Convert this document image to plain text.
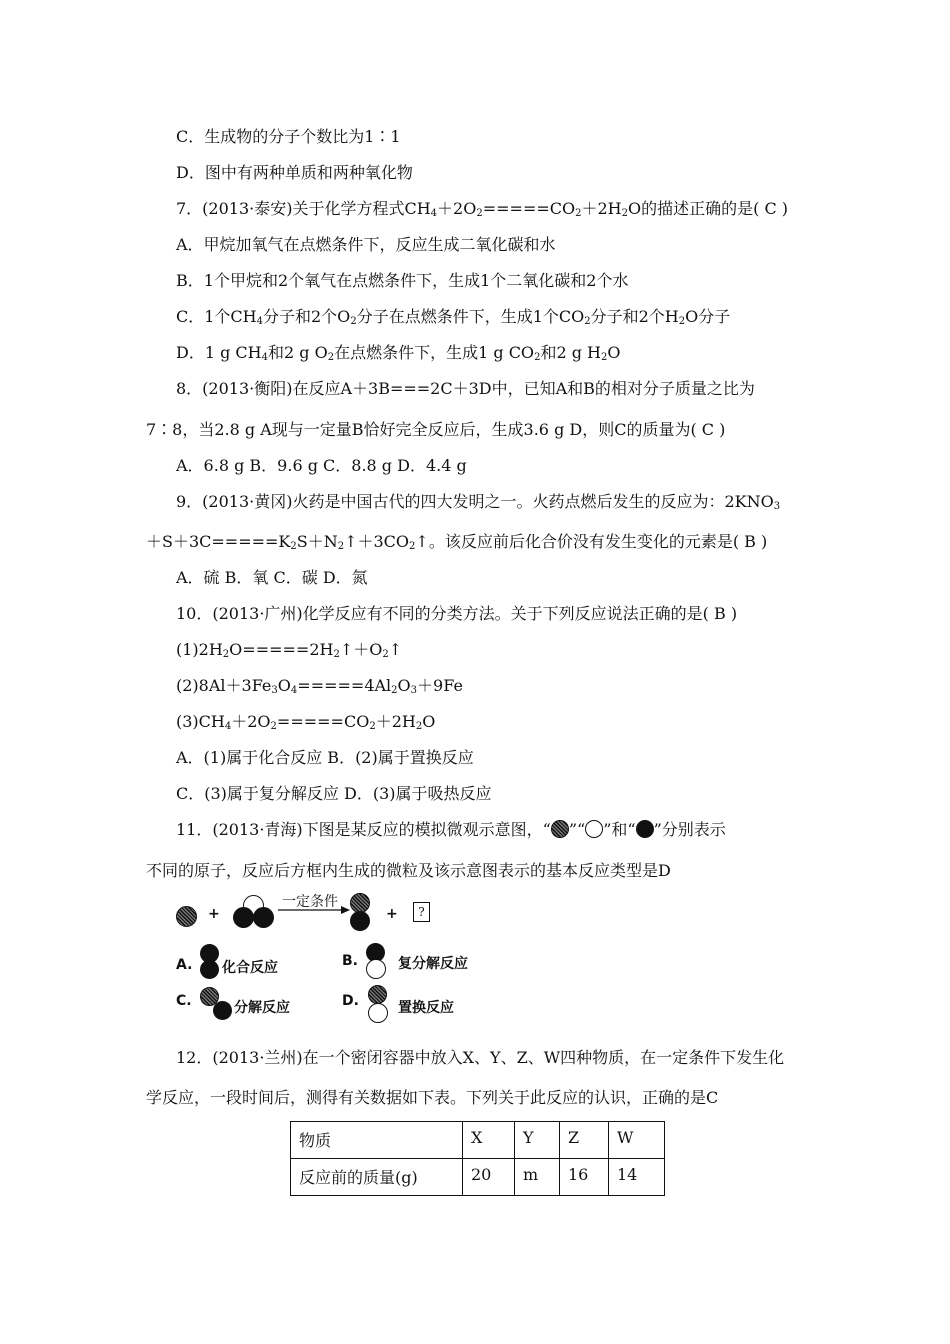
C．生成物的分子个数比为1∶1
D．图中有两种单质和两种氧化物
7．(2013·泰安)关于化学方程式$CH_4+2O_2=====CO_2+2H_2O$的描述正确的是( C )
A．甲烷加氧气在点燃条件下，反应生成二氧化碳和水
B．1个甲烷和2个氧气在点燃条件下，生成1个二氧化碳和2个水
C．1个$CH_4$分子和2个$O_2$分子在点燃条件下，生成1个$CO_2$分子和2个$H_2O$分子
D．1 g $CH_4$和2 g $O_2$在点燃条件下，生成1 g $CO_2$和2 g $H_2O$
8．(2013·衡阳)在反应A＋3B===2C＋3D中，已知A和B的相对分子质量之比为
7∶8，当2.8 g A现与一定量B恰好完全反应后，生成3.6 g D，则C的质量为( C )
A．6.8 g B．9.6 g C．8.8 g D．4.4 g
9．(2013·黄冈)火药是中国古代的四大发明之一。火药点燃后发生的反应为：$2KNO_3$
$+S+3C=====K_2S+N_2↑+3CO_2↑$。该反应前后化合价没有发生变化的元素是( B )
A．硫 B．氧 C．碳 D．氮
10．(2013·广州)化学反应有不同的分类方法。关于下列反应说法正确的是( B )
$(1)2H_2O=====2H_2↑+O_2↑$
$(2)8Al+3Fe_3O_4=====4Al_2O_3+9Fe$
$(3)CH_4+2O_2=====CO_2+2H_2O$
A．(1)属于化合反应 B．(2)属于置换反应
C．(3)属于复分解反应 D．(3)属于吸热反应
11．(2013·青海)下图是某反应的模拟微观示意图，“ ”“ ”和“ ”分别表示
不同的原子，反应后方框内生成的微粒及该示意图表示的基本反应类型是D
+
一定条件
+	?
A. 化合反应	B.	复分解反应
C.	分解反应	D.	置换反应
12．(2013·兰州)在一个密闭容器中放入X、Y、Z、W四种物质，在一定条件下发生化
学反应，一段时间后，测得有关数据如下表。下列关于此反应的认识，正确的是C
物质	X	Y	Z	W
反应前的质量(g)	20	m	16	14
